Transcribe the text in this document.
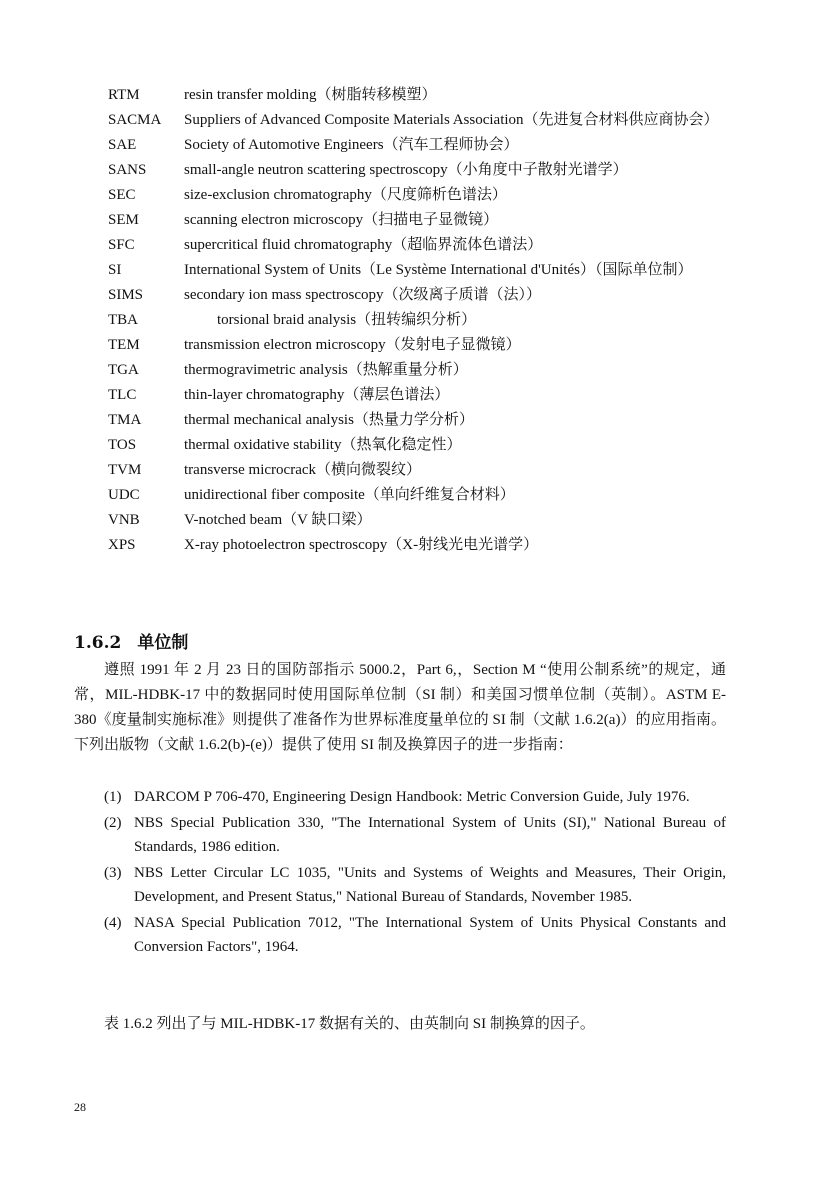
RTM	resin transfer molding（树脂转移模塑）
SACMA	Suppliers of Advanced Composite Materials Association（先进复合材料供应商协会）
SAE	Society of Automotive Engineers（汽车工程师协会）
SANS	small-angle neutron scattering spectroscopy（小角度中子散射光谱学）
SEC	size-exclusion chromatography（尺度筛析色谱法）
SEM	scanning electron microscopy（扫描电子显微镜）
SFC	supercritical fluid chromatography（超临界流体色谱法）
SI	International System of Units（Le Système International d'Unités）（国际单位制）
SIMS	secondary ion mass spectroscopy（次级离子质谱（法））
TBA	torsional braid analysis（扭转编织分析）
TEM	transmission electron microscopy（发射电子显微镜）
TGA	thermogravimetric analysis（热解重量分析）
TLC	thin-layer chromatography（薄层色谱法）
TMA	thermal mechanical analysis（热量力学分析）
TOS	thermal oxidative stability（热氧化稳定性）
TVM	transverse microcrack（横向微裂纹）
UDC	unidirectional fiber composite（单向纤维复合材料）
VNB	V-notched beam（V 缺口梁）
XPS	X-ray photoelectron spectroscopy（X-射线光电光谱学）
1.6.2 单位制
遵照 1991 年 2 月 23 日的国防部指示 5000.2，Part 6,，Section M “使用公制系统”的规定，通常，MIL-HDBK-17 中的数据同时使用国际单位制（SI 制）和美国习惯单位制（英制）。ASTM E-380《度量制实施标准》则提供了准备作为世界标准度量单位的 SI 制（文献 1.6.2(a)）的应用指南。下列出版物（文献 1.6.2(b)-(e)）提供了使用 SI 制及换算因子的进一步指南：
(1) DARCOM P 706-470, Engineering Design Handbook: Metric Conversion Guide, July 1976.
(2) NBS Special Publication 330, "The International System of Units (SI)," National Bureau of Standards, 1986 edition.
(3) NBS Letter Circular LC 1035, "Units and Systems of Weights and Measures, Their Origin, Development, and Present Status," National Bureau of Standards, November 1985.
(4) NASA Special Publication 7012, "The International System of Units Physical Constants and Conversion Factors", 1964.
表 1.6.2 列出了与 MIL-HDBK-17 数据有关的、由英制向 SI 制换算的因子。
28
